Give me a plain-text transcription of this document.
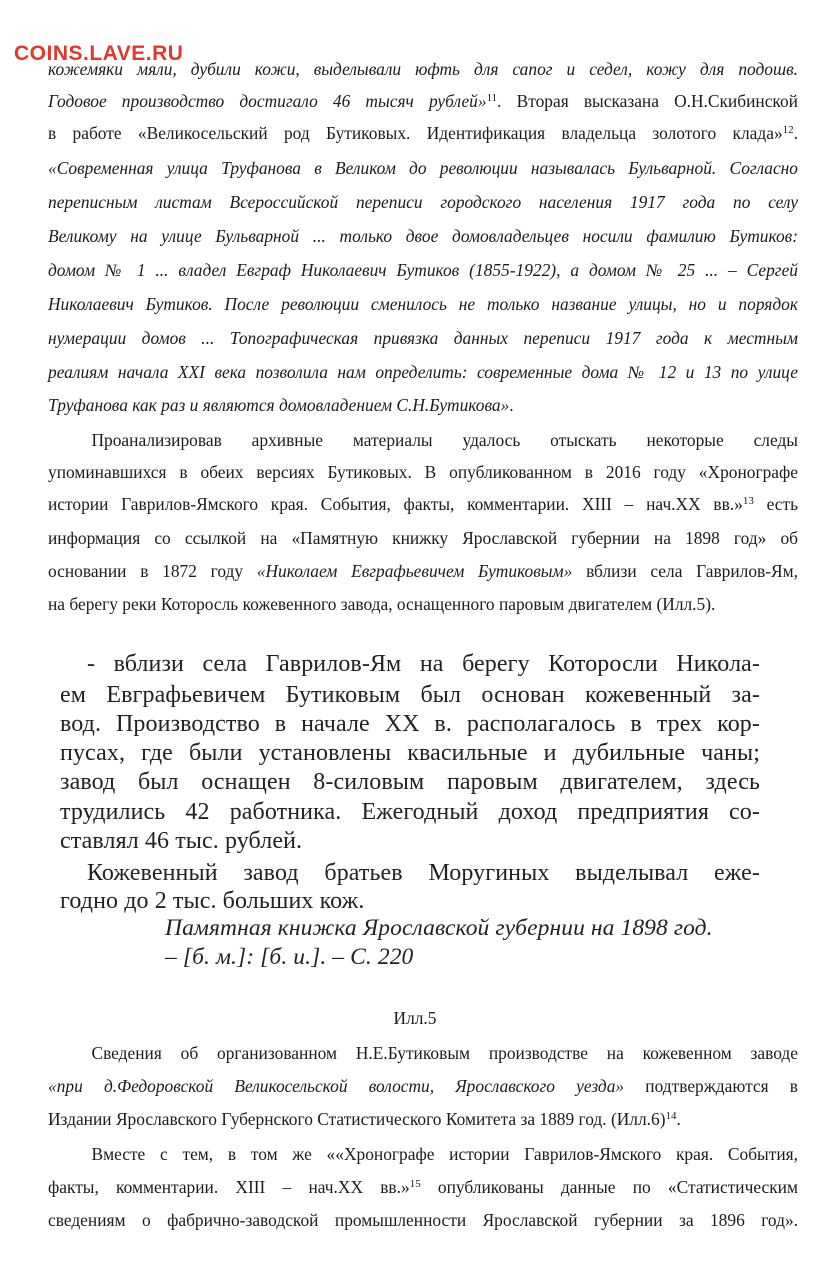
COINS.LAVE.RU
кожемяки мяли, дубили кожи, выделывали юфть для сапог и седел, кожу для подошв.
Годовое производство достигало 46 тысяч рублей»$^{11}$. Вторая высказана О.Н.Скибинской
в работе «Великосельский род Бутиковых. Идентификация владельца золотого клада»$^{12}$.
«Современная улица Труфанова в Великом до революции называлась Бульварной. Согласно
переписным листам Всероссийской переписи городского населения 1917 года по селу
Великому на улице Бульварной ... только двое домовладельцев носили фамилию Бутиков:
домом № 1 ... владел Евграф Николаевич Бутиков (1855-1922), а домом № 25 ... – Сергей
Николаевич Бутиков. После революции сменилось не только название улицы, но и порядок
нумерации домов ... Топографическая привязка данных переписи 1917 года к местным
реалиям начала XXI века позволила нам определить: современные дома № 12 и 13 по улице
Труфанова как раз и являются домовладением С.Н.Бутикова».
   Проанализировав архивные материалы удалось отыскать некоторые следы
упоминавшихся в обеих версиях Бутиковых. В опубликованном в 2016 году «Хронографе
истории Гаврилов-Ямского края. События, факты, комментарии. XIII – нач.XX вв.»$^{13}$ есть
информация со ссылкой на «Памятную книжку Ярославской губернии на 1898 год» об
основании в 1872 году «Николаем Евграфьевичем Бутиковым» вблизи села Гаврилов-Ям,
на берегу реки Которосль кожевенного завода, оснащенного паровым двигателем (Илл.5).
- вблизи села Гаврилов-Ям на берегу Которосли Никола-
ем Евграфьевичем Бутиковым был основан кожевенный за-
вод. Производство в начале XX в. располагалось в трех кор-
пусах, где были установлены квасильные и дубильные чаны;
завод был оснащен 8-силовым паровым двигателем, здесь
трудились 42 работника. Ежегодный доход предприятия со-
ставлял 46 тыс. рублей.
Кожевенный завод братьев Моругиных выделывал еже-
годно до 2 тыс. больших кож.
Памятная книжка Ярославской губернии на 1898 год.
– [б. м.]: [б. и.]. – С. 220
Илл.5
   Сведения об организованном Н.Е.Бутиковым производстве на кожевенном заводе
«при д.Федоровской Великосельской волости, Ярославского уезда» подтверждаются в
Издании Ярославского Губернского Статистического Комитета за 1889 год. $(Илл.6)^{14}$.
   Вместе с тем, в том же ««Хронографе истории Гаврилов-Ямского края. События,
факты, комментарии. XIII – нач.XX вв.»$^{15}$ опубликованы данные по «Статистическим
сведениям о фабрично-заводской промышленности Ярославской губернии за 1896 год».
